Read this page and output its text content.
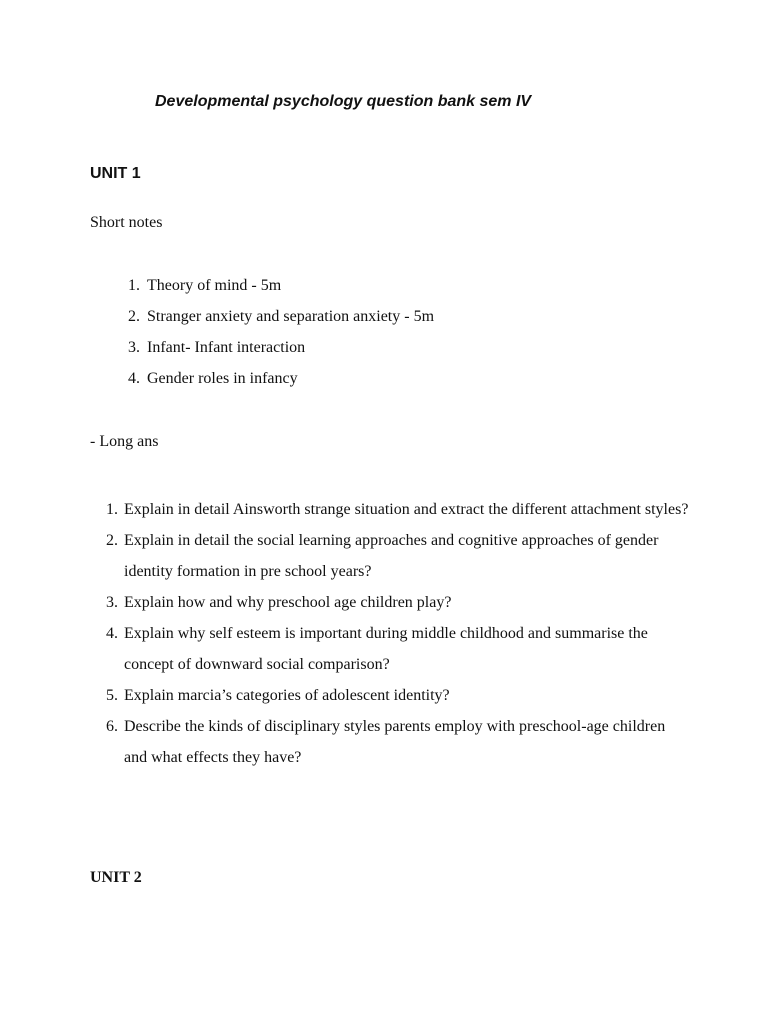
Developmental psychology question bank sem IV
UNIT 1

Short notes

1. Theory of mind - 5m
2. Stranger anxiety and separation anxiety - 5m
3. Infant- Infant interaction
4. Gender roles in infancy

- Long ans

1. Explain in detail Ainsworth strange situation and extract the different attachment styles?
2. Explain in detail the social learning approaches and cognitive approaches of gender identity formation in pre school years?
3. Explain how and why preschool age children play?
4. Explain why self esteem is important during middle childhood and summarise the concept of downward social comparison?
5. Explain marcia’s categories of adolescent identity?
6. Describe the kinds of disciplinary styles parents employ with preschool-age children and what effects they have?
UNIT 2
